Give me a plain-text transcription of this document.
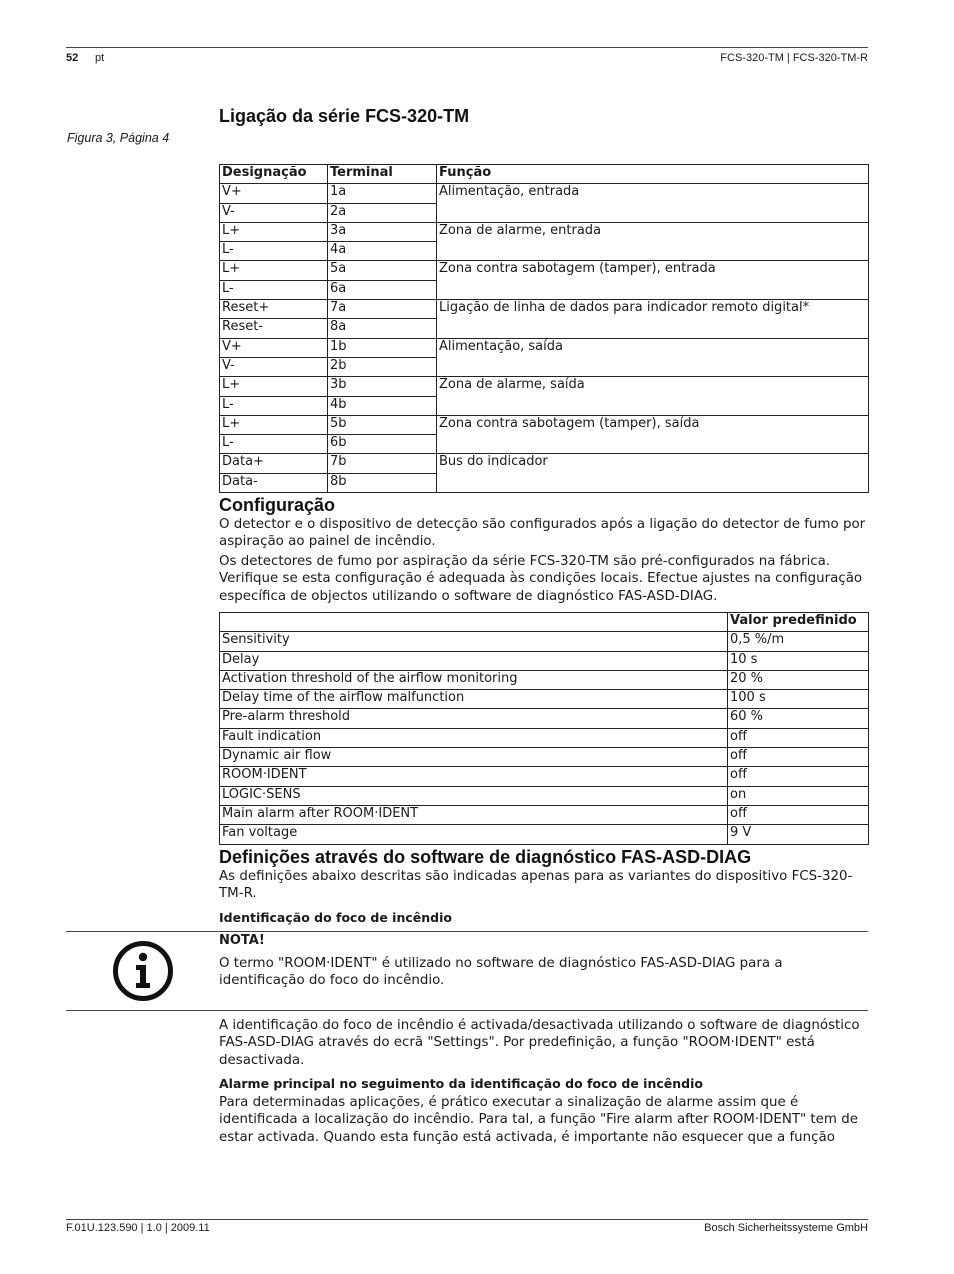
52 pt	FCS-320-TM | FCS-320-TM-R
Ligação da série FCS-320-TM
Figura 3, Página 4
Designação	Terminal	Função
V+	1a	Alimentação, entrada
V-	2a	
L+	3a	Zona de alarme, entrada
L-	4a	
L+	5a	Zona contra sabotagem (tamper), entrada
L-	6a	
Reset+	7a	Ligação de linha de dados para indicador remoto digital*
Reset-	8a	
V+	1b	Alimentação, saída
V-	2b	
L+	3b	Zona de alarme, saída
L-	4b	
L+	5b	Zona contra sabotagem (tamper), saída
L-	6b	
Data+	7b	Bus do indicador
Data-	8b	
Configuração
O detector e o dispositivo de detecção são configurados após a ligação do detector de fumo por aspiração ao painel de incêndio.
Os detectores de fumo por aspiração da série FCS-320-TM são pré-configurados na fábrica. Verifique se esta configuração é adequada às condições locais. Efectue ajustes na configuração específica de objectos utilizando o software de diagnóstico FAS-ASD-DIAG.
	Valor predefinido
Sensitivity	0,5 %/m
Delay	10 s
Activation threshold of the airflow monitoring	20 %
Delay time of the airflow malfunction	100 s
Pre-alarm threshold	60 %
Fault indication	off
Dynamic air flow	off
ROOM·IDENT	off
LOGIC·SENS	on
Main alarm after ROOM·IDENT	off
Fan voltage	9 V
Definições através do software de diagnóstico FAS-ASD-DIAG
As definições abaixo descritas são indicadas apenas para as variantes do dispositivo FCS-320-TM-R.
Identificação do foco de incêndio
NOTA!
O termo "ROOM·IDENT" é utilizado no software de diagnóstico FAS-ASD-DIAG para a identificação do foco do incêndio.
A identificação do foco de incêndio é activada/desactivada utilizando o software de diagnóstico FAS-ASD-DIAG através do ecrã "Settings". Por predefinição, a função "ROOM·IDENT" está desactivada.
Alarme principal no seguimento da identificação do foco de incêndio
Para determinadas aplicações, é prático executar a sinalização de alarme assim que é identificada a localização do incêndio. Para tal, a função "Fire alarm after ROOM·IDENT" tem de estar activada. Quando esta função está activada, é importante não esquecer que a função
F.01U.123.590 | 1.0 | 2009.11	Bosch Sicherheitssysteme GmbH
